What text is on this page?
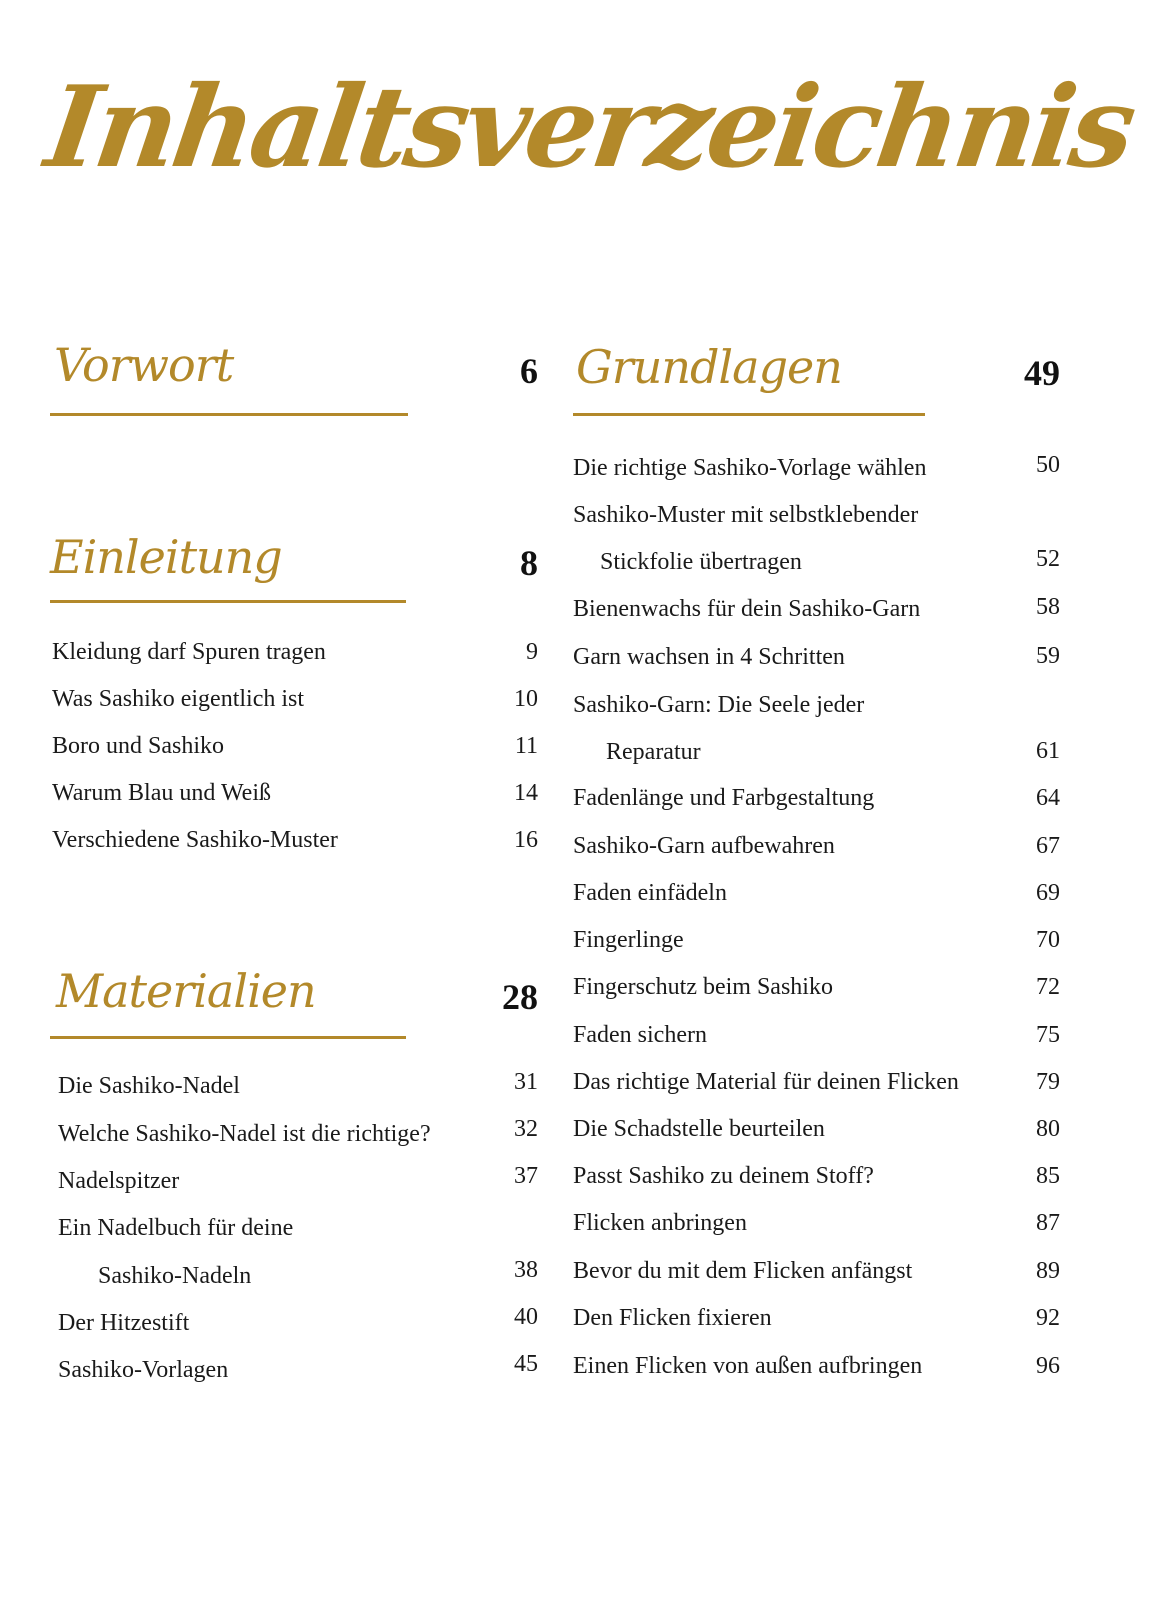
Inhaltsverzeichnis
Vorwort	6
Einleitung	8
Kleidung darf Spuren tragen	9
Was Sashiko eigentlich ist	10
Boro und Sashiko	11
Warum Blau und Weiß	14
Verschiedene Sashiko-Muster	16
Materialien	28
Die Sashiko-Nadel	31
Welche Sashiko-Nadel ist die richtige?	32
Nadelspitzer	37
Ein Nadelbuch für deine
Sashiko-Nadeln	38
Der Hitzestift	40
Sashiko-Vorlagen	45
Grundlagen	49
Die richtige Sashiko-Vorlage wählen	50
Sashiko-Muster mit selbstklebender
Stickfolie übertragen	52
Bienenwachs für dein Sashiko-Garn	58
Garn wachsen in 4 Schritten	59
Sashiko-Garn: Die Seele jeder
Reparatur	61
Fadenlänge und Farbgestaltung	64
Sashiko-Garn aufbewahren	67
Faden einfädeln	69
Fingerlinge	70
Fingerschutz beim Sashiko	72
Faden sichern	75
Das richtige Material für deinen Flicken	79
Die Schadstelle beurteilen	80
Passt Sashiko zu deinem Stoff?	85
Flicken anbringen	87
Bevor du mit dem Flicken anfängst	89
Den Flicken fixieren	92
Einen Flicken von außen aufbringen	96
